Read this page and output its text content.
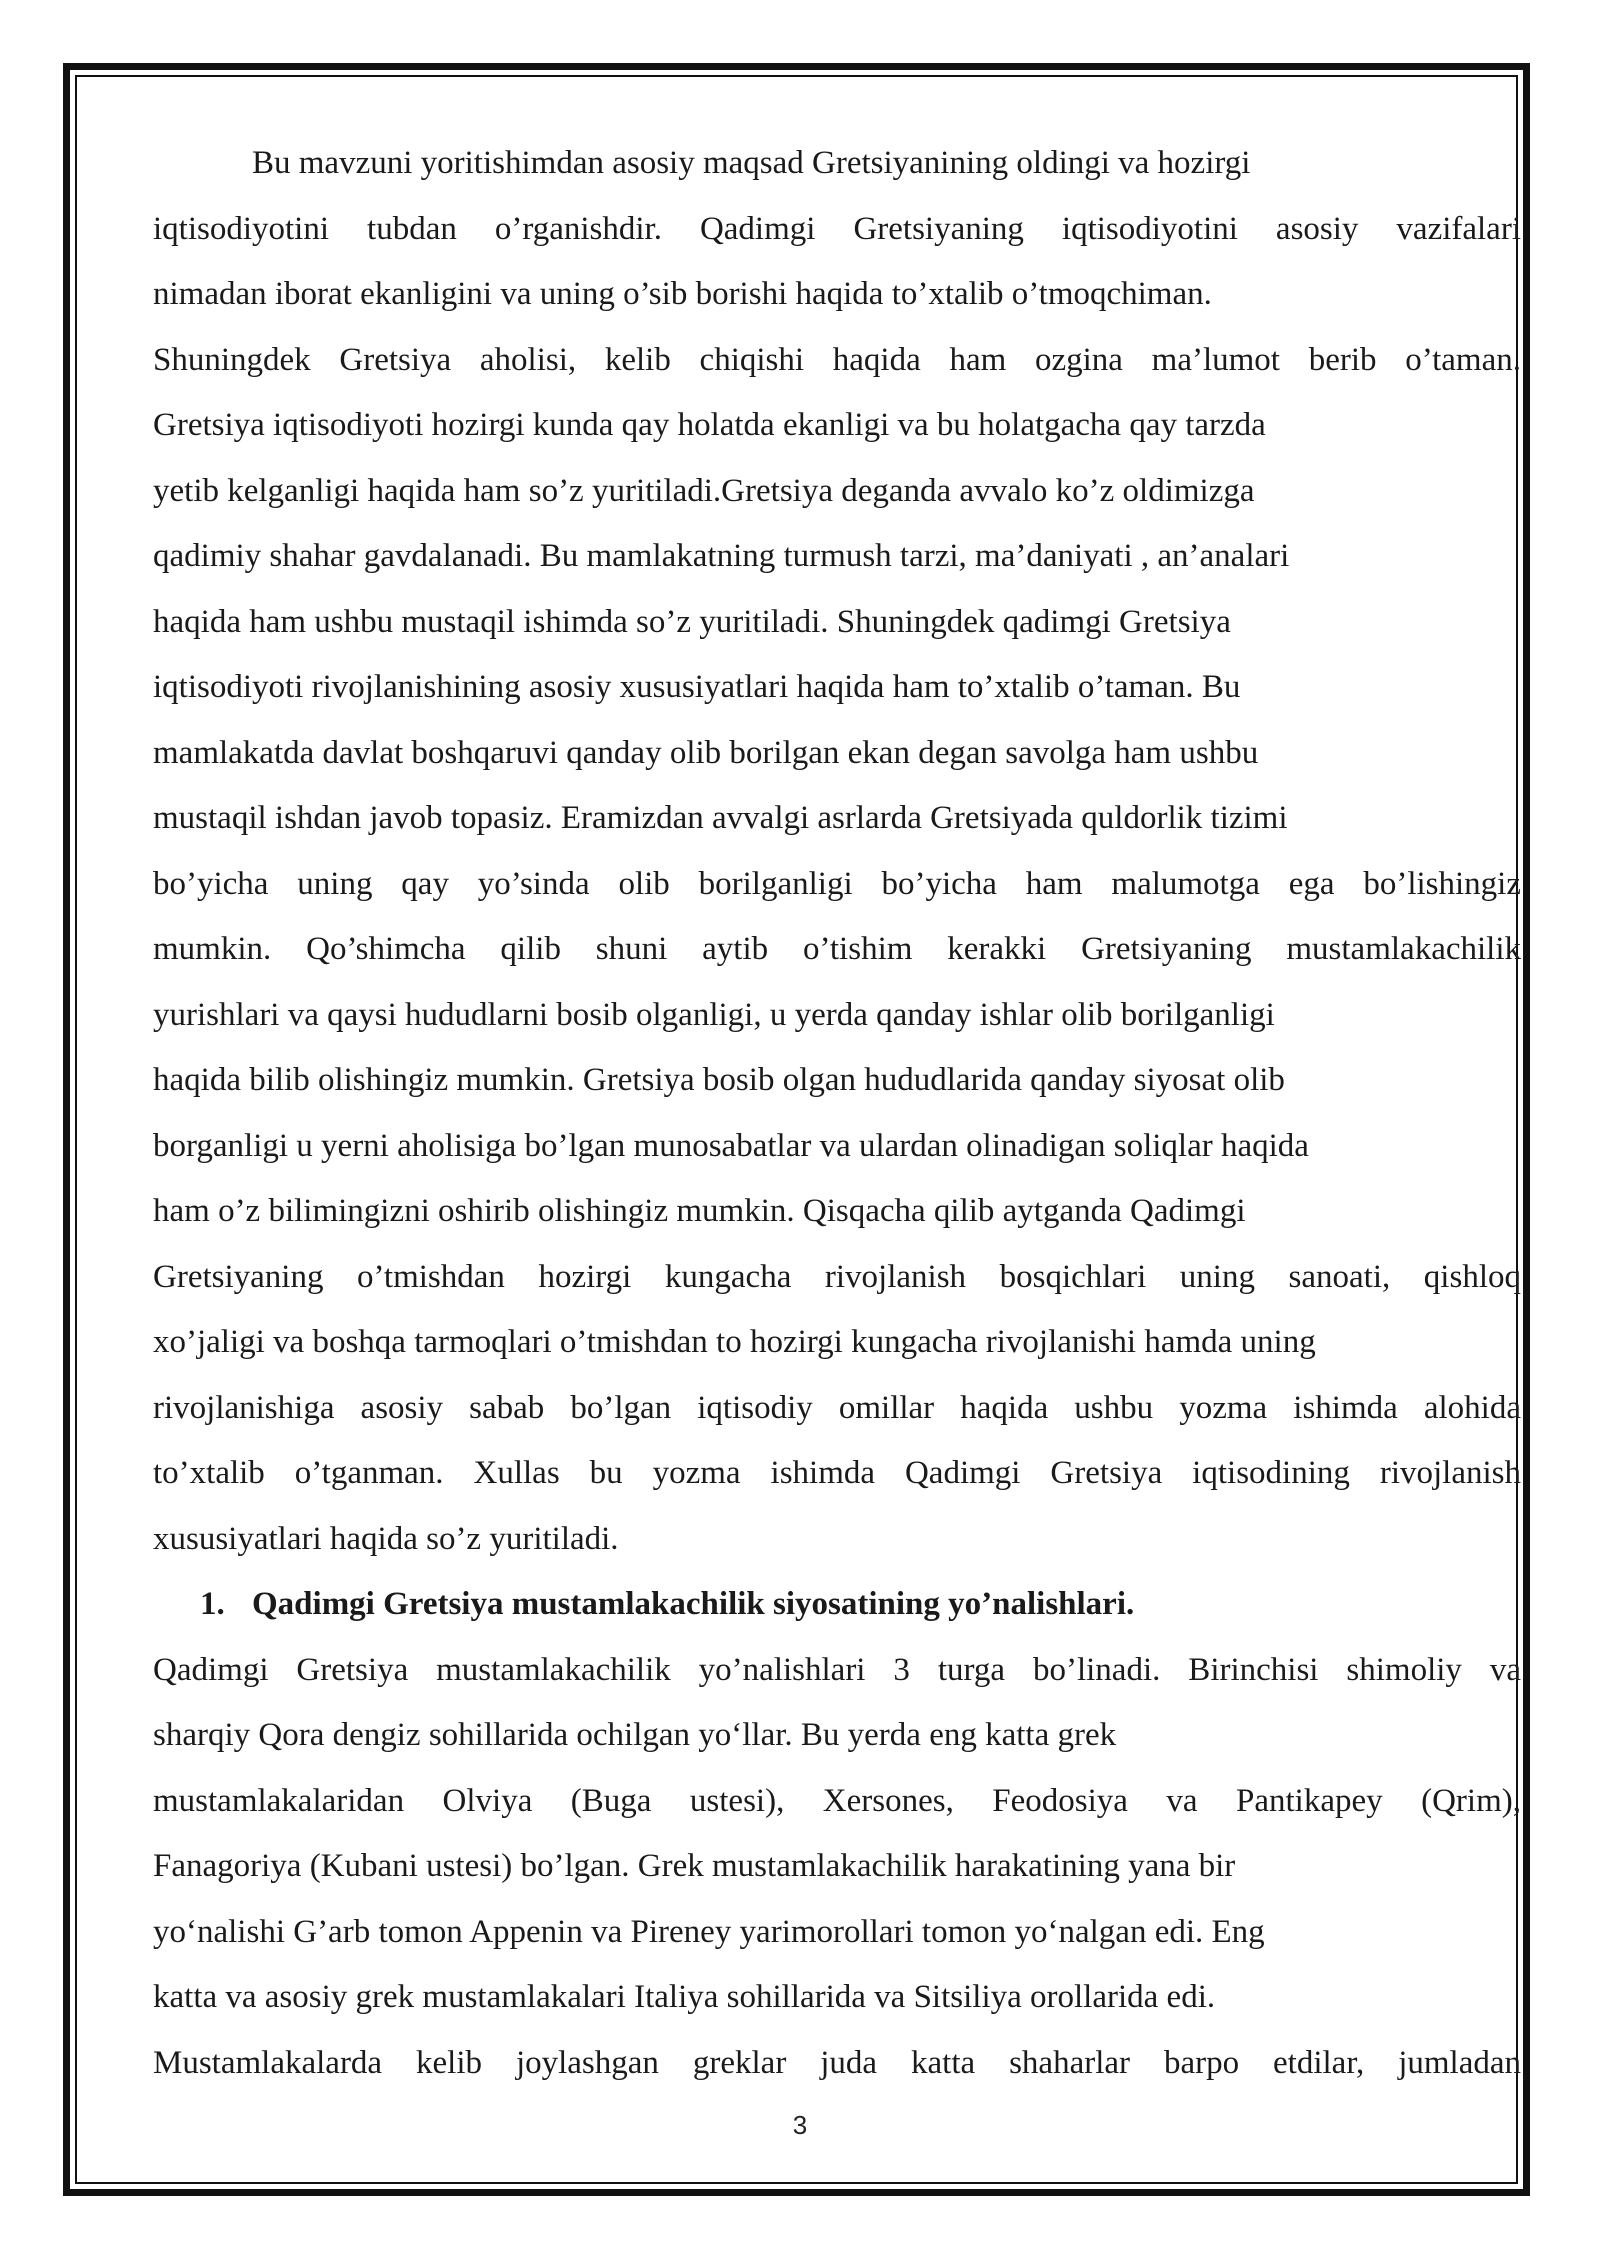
Bu mavzuni yoritishimdan asosiy maqsad Gretsiyanining oldingi va hozirgi
iqtisodiyotini tubdan o’rganishdir. Qadimgi Gretsiyaning iqtisodiyotini asosiy vazifalari
nimadan iborat ekanligini va uning o’sib borishi haqida to’xtalib o’tmoqchiman.
Shuningdek Gretsiya aholisi, kelib chiqishi haqida ham ozgina ma’lumot berib o’taman.
Gretsiya iqtisodiyoti hozirgi kunda qay holatda ekanligi va bu holatgacha qay tarzda
yetib kelganligi haqida ham so’z yuritiladi.Gretsiya deganda avvalo ko’z oldimizga
qadimiy shahar gavdalanadi. Bu mamlakatning turmush tarzi, ma’daniyati , an’analari
haqida ham ushbu mustaqil ishimda so’z yuritiladi. Shuningdek qadimgi Gretsiya
iqtisodiyoti rivojlanishining asosiy xususiyatlari haqida ham to’xtalib o’taman. Bu
mamlakatda davlat boshqaruvi qanday olib borilgan ekan degan savolga ham ushbu
mustaqil ishdan javob topasiz. Eramizdan avvalgi asrlarda Gretsiyada quldorlik tizimi
bo’yicha uning qay yo’sinda olib borilganligi bo’yicha ham malumotga ega bo’lishingiz
mumkin. Qo’shimcha qilib shuni aytib o’tishim kerakki Gretsiyaning mustamlakachilik
yurishlari va qaysi hududlarni bosib olganligi, u yerda qanday ishlar olib borilganligi
haqida bilib olishingiz mumkin. Gretsiya bosib olgan hududlarida qanday siyosat olib
borganligi u yerni aholisiga bo’lgan munosabatlar va ulardan olinadigan soliqlar haqida
ham o’z bilimingizni oshirib olishingiz mumkin. Qisqacha qilib aytganda Qadimgi
Gretsiyaning o’tmishdan hozirgi kungacha rivojlanish bosqichlari uning sanoati, qishloq
xo’jaligi va boshqa tarmoqlari o’tmishdan to hozirgi kungacha rivojlanishi hamda uning
rivojlanishiga asosiy sabab bo’lgan iqtisodiy omillar haqida ushbu yozma ishimda alohida
to’xtalib o’tganman. Xullas bu yozma ishimda Qadimgi Gretsiya iqtisodining rivojlanish
xususiyatlari haqida so’z yuritiladi.
1. Qadimgi Gretsiya mustamlakachilik siyosatining yo’nalishlari.
Qadimgi Gretsiya mustamlakachilik yo’nalishlari 3 turga bo’linadi. Birinchisi shimoliy va
sharqiy Qora dengiz sohillarida ochilgan yo‘llar. Bu yerda eng katta grek
mustamlakalaridan Olviya (Buga ustesi), Xersones, Feodosiya va Pantikapey (Qrim),
Fanagoriya (Kubani ustesi) bo’lgan. Grek mustamlakachilik harakatining yana bir
yo‘nalishi G’arb tomon Appenin va Pireney yarimorollari tomon yo‘nalgan edi. Eng
katta va asosiy grek mustamlakalari Italiya sohillarida va Sitsiliya orollarida edi.
Mustamlakalarda kelib joylashgan greklar juda katta shaharlar barpo etdilar, jumladan
3
